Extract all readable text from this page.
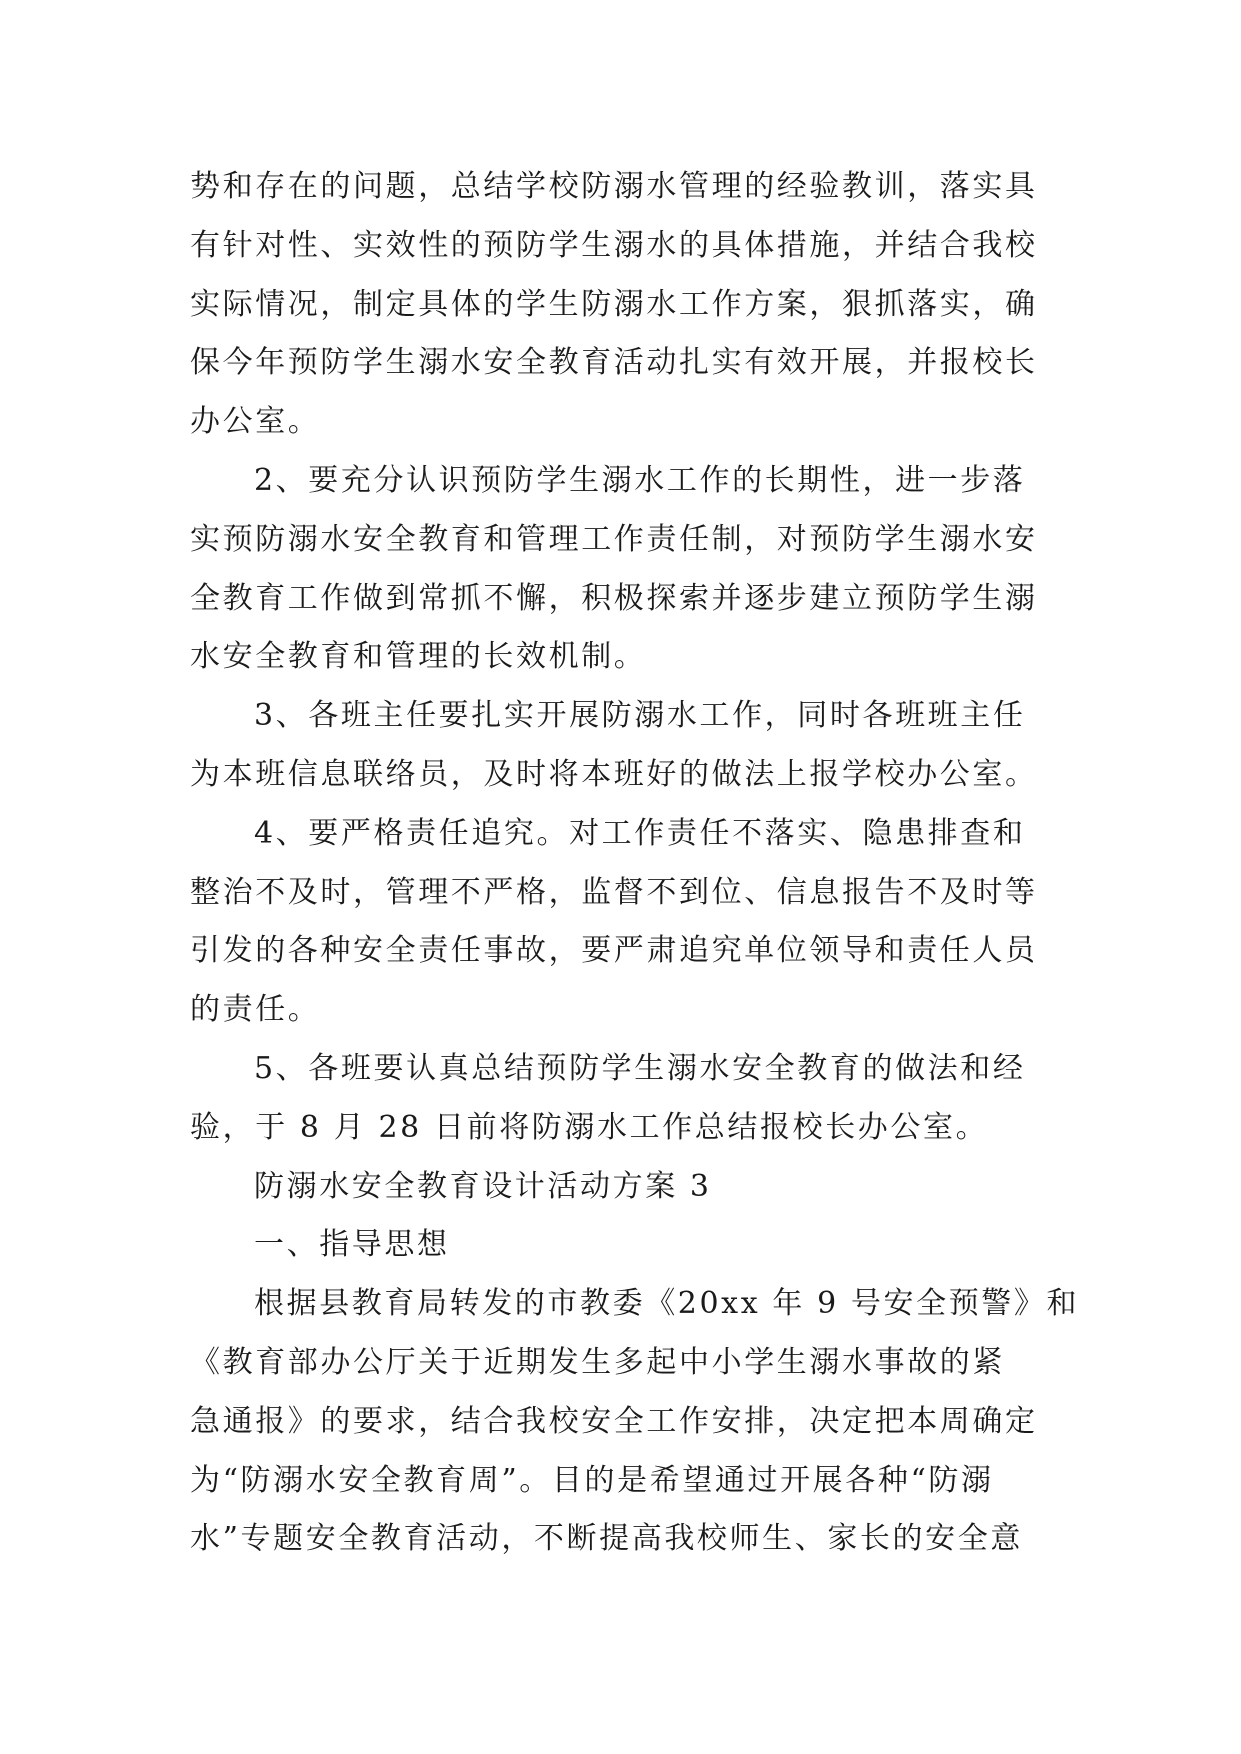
势和存在的问题，总结学校防溺水管理的经验教训，落实具
有针对性、实效性的预防学生溺水的具体措施，并结合我校
实际情况，制定具体的学生防溺水工作方案，狠抓落实，确
保今年预防学生溺水安全教育活动扎实有效开展，并报校长
办公室。
2、要充分认识预防学生溺水工作的长期性，进一步落
实预防溺水安全教育和管理工作责任制，对预防学生溺水安
全教育工作做到常抓不懈，积极探索并逐步建立预防学生溺
水安全教育和管理的长效机制。
3、各班主任要扎实开展防溺水工作，同时各班班主任
为本班信息联络员，及时将本班好的做法上报学校办公室。
4、要严格责任追究。对工作责任不落实、隐患排查和
整治不及时，管理不严格，监督不到位、信息报告不及时等
引发的各种安全责任事故，要严肃追究单位领导和责任人员
的责任。
5、各班要认真总结预防学生溺水安全教育的做法和经
验，于 8 月 28 日前将防溺水工作总结报校长办公室。
防溺水安全教育设计活动方案 3
一、指导思想
根据县教育局转发的市教委《20xx 年 9 号安全预警》和
《教育部办公厅关于近期发生多起中小学生溺水事故的紧
急通报》的要求，结合我校安全工作安排，决定把本周确定
为“防溺水安全教育周”。目的是希望通过开展各种“防溺
水”专题安全教育活动，不断提高我校师生、家长的安全意
